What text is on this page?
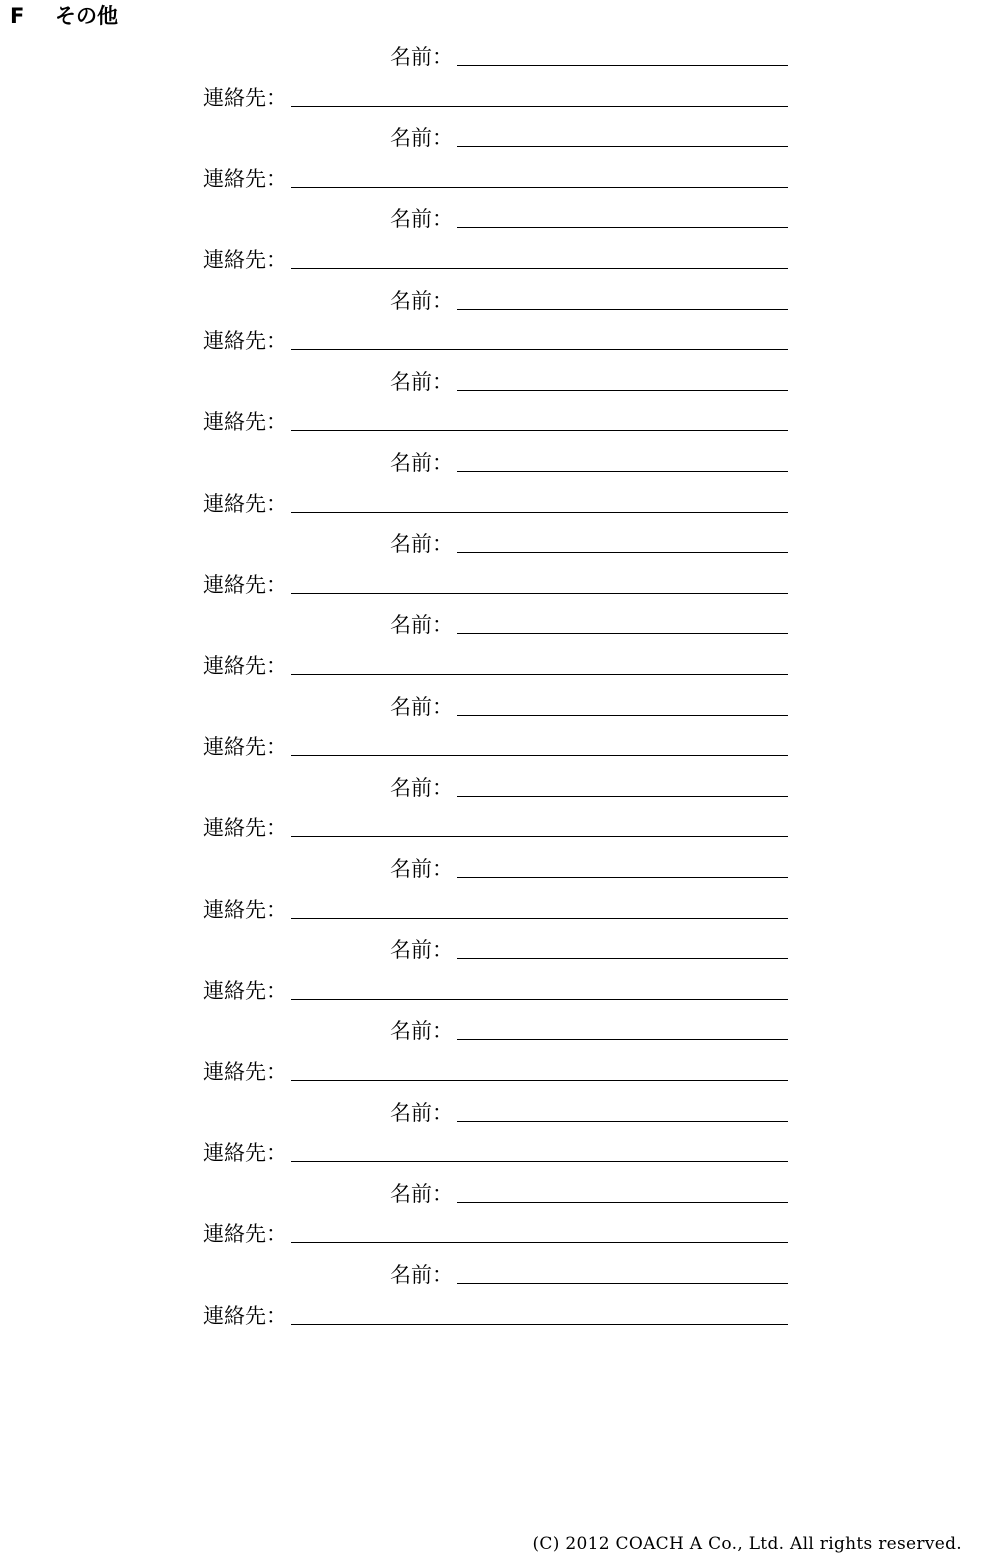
F その他
名前：
連絡先：
名前：
連絡先：
名前：
連絡先：
名前：
連絡先：
名前：
連絡先：
名前：
連絡先：
名前：
連絡先：
名前：
連絡先：
名前：
連絡先：
名前：
連絡先：
名前：
連絡先：
名前：
連絡先：
名前：
連絡先：
名前：
連絡先：
名前：
連絡先：
名前：
連絡先：
(C) 2012 COACH A Co., Ltd. All rights reserved.
